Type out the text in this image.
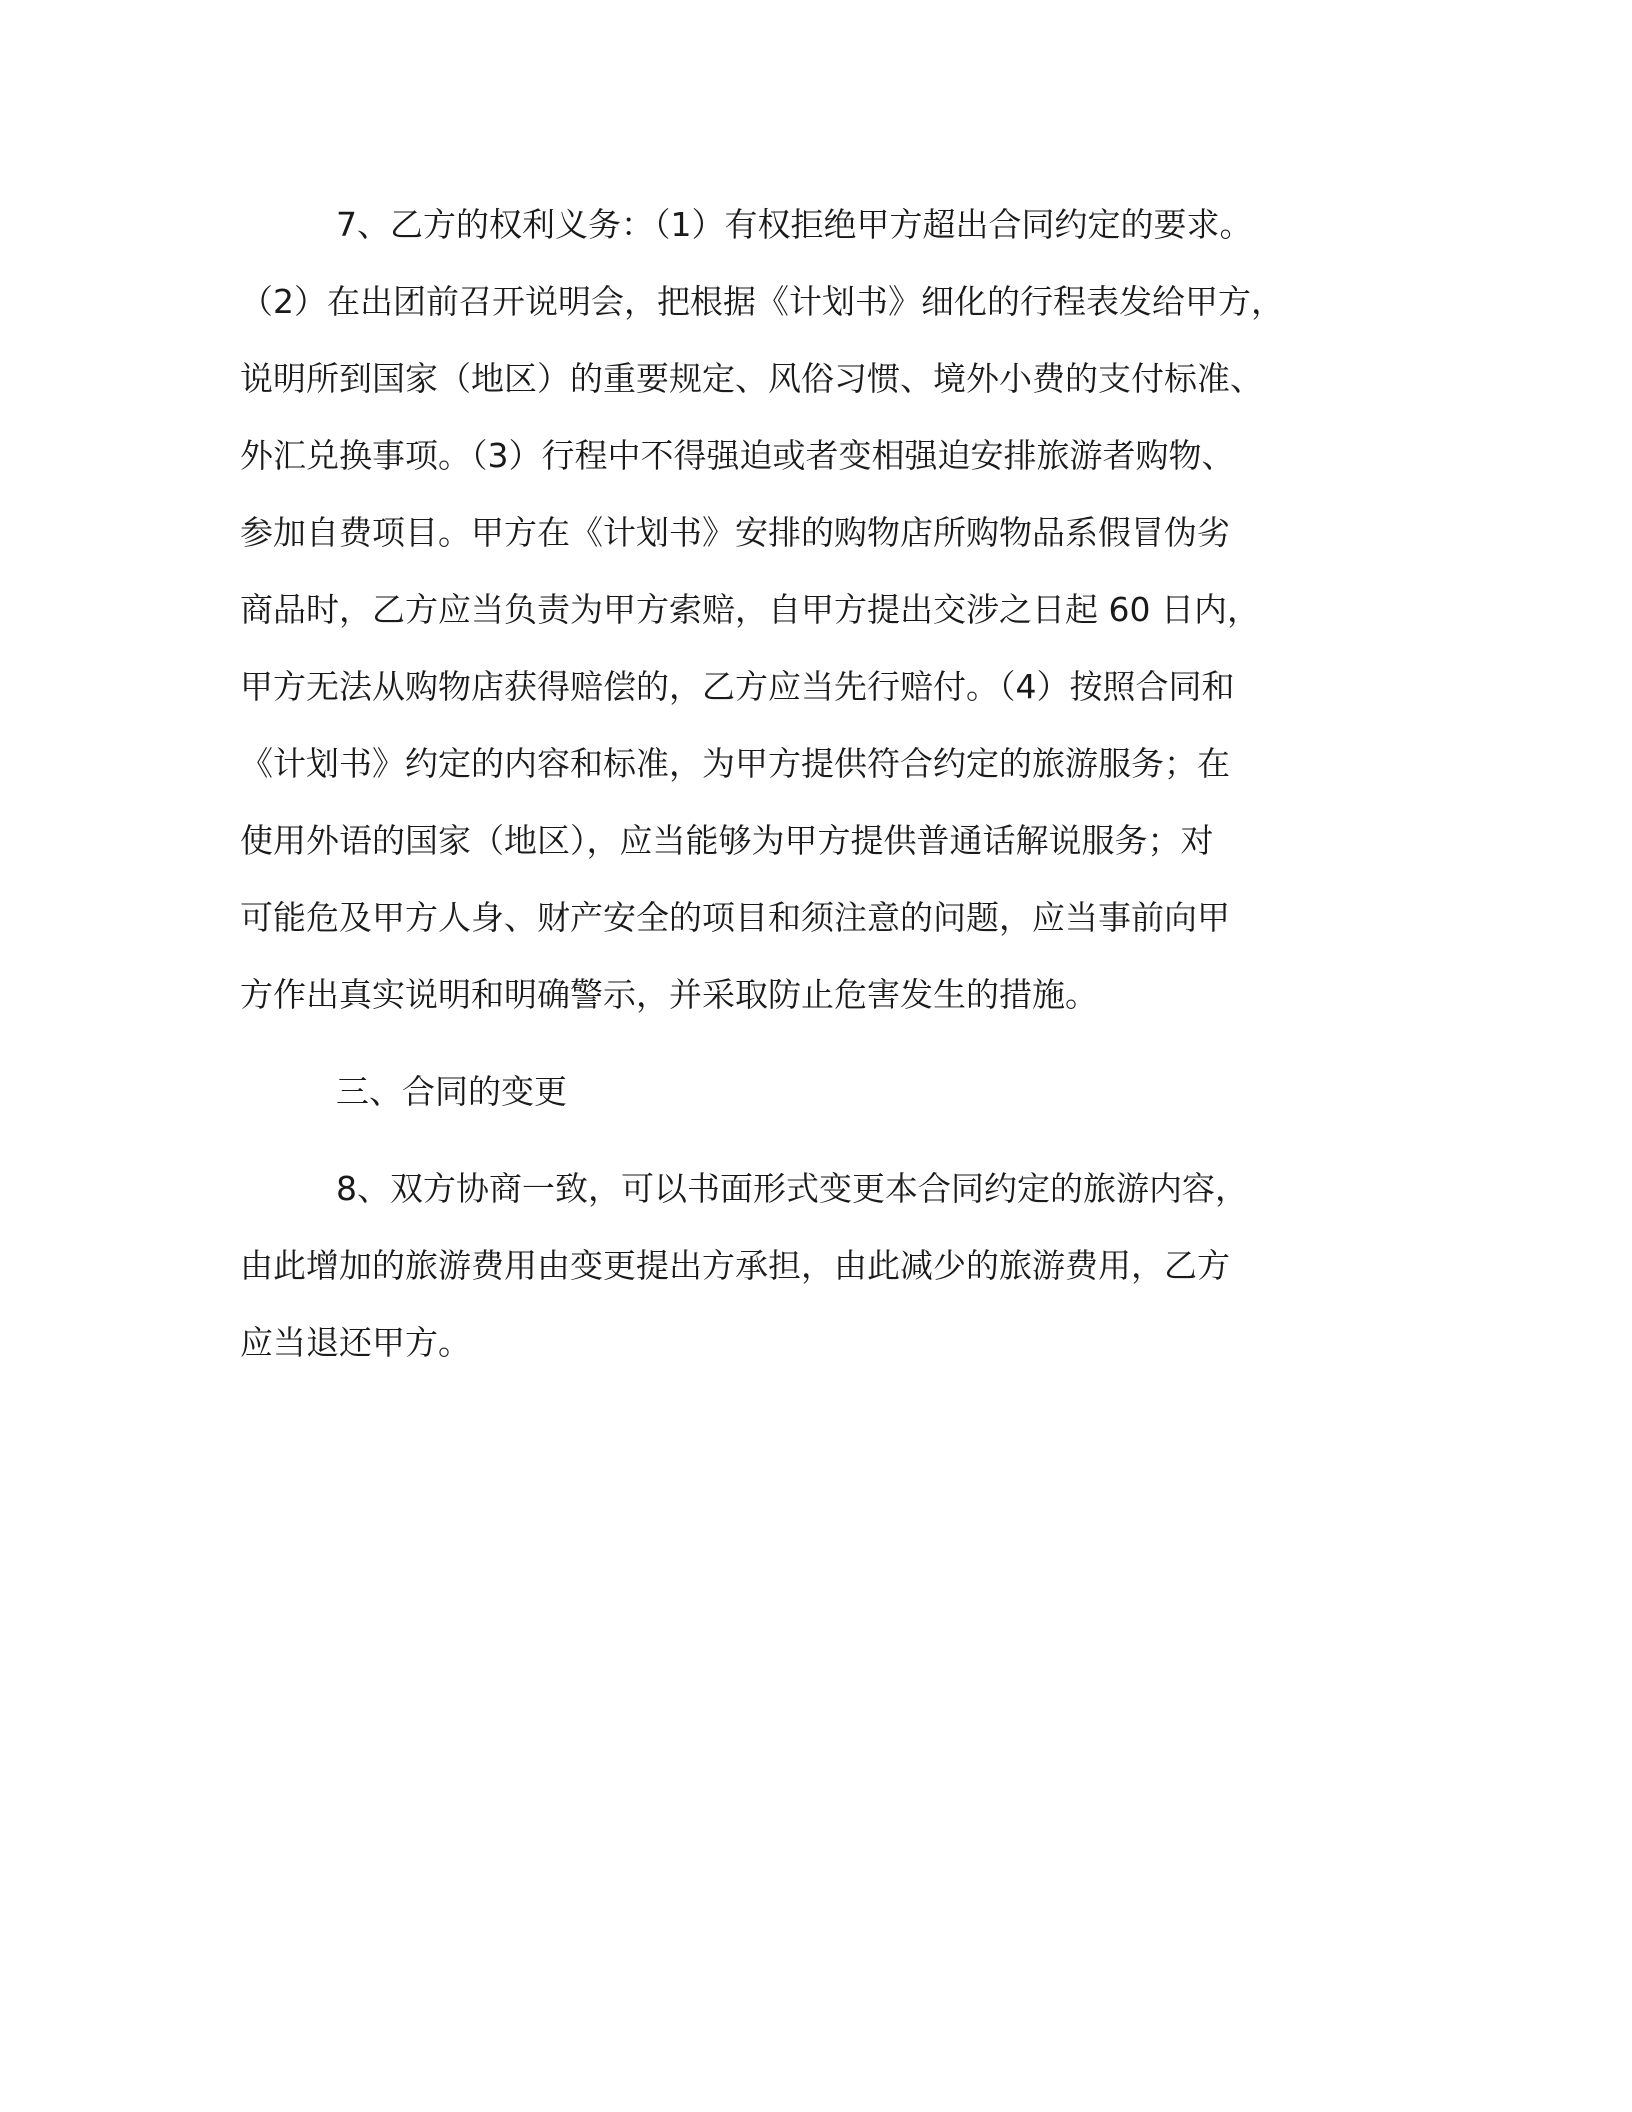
7、乙方的权利义务：（1）有权拒绝甲方超出合同约定的要求。
（2）在出团前召开说明会，把根据《计划书》细化的行程表发给甲方，
说明所到国家（地区）的重要规定、风俗习惯、境外小费的支付标准、
外汇兑换事项。（3）行程中不得强迫或者变相强迫安排旅游者购物、
参加自费项目。甲方在《计划书》安排的购物店所购物品系假冒伪劣
商品时，乙方应当负责为甲方索赔，自甲方提出交涉之日起 60 日内，
甲方无法从购物店获得赔偿的，乙方应当先行赔付。（4）按照合同和
《计划书》约定的内容和标准，为甲方提供符合约定的旅游服务；在
使用外语的国家（地区），应当能够为甲方提供普通话解说服务；对
可能危及甲方人身、财产安全的项目和须注意的问题，应当事前向甲
方作出真实说明和明确警示，并采取防止危害发生的措施。
三、合同的变更
8、双方协商一致，可以书面形式变更本合同约定的旅游内容，
由此增加的旅游费用由变更提出方承担，由此减少的旅游费用，乙方
应当退还甲方。
